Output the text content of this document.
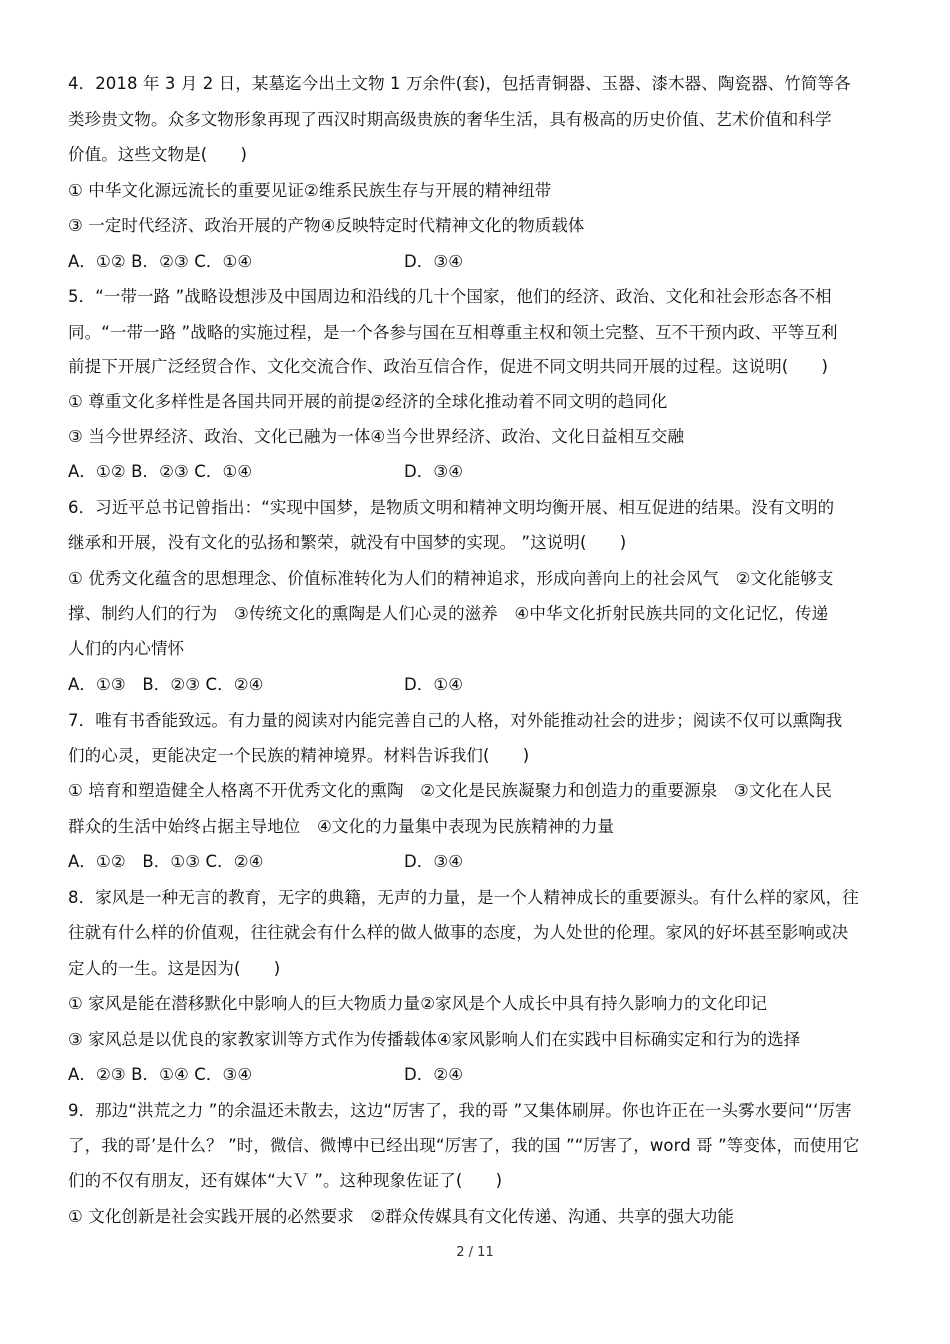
4．2018 年 3 月 2 日，某墓迄今出土文物 1 万余件(套)，包括青铜器、玉器、漆木器、陶瓷器、竹简等各
类珍贵文物。众多文物形象再现了西汉时期高级贵族的奢华生活，具有极高的历史价值、艺术价值和科学
价值。这些文物是(　　)
① 中华文化源远流长的重要见证②维系民族生存与开展的精神纽带
③ 一定时代经济、政治开展的产物④反映特定时代精神文化的物质载体
A．①② B．②③ C．①④	D．③④
5．“一带一路 ”战略设想涉及中国周边和沿线的几十个国家，他们的经济、政治、文化和社会形态各不相
同。“一带一路 ”战略的实施过程，是一个各参与国在互相尊重主权和领土完整、互不干预内政、平等互利
前提下开展广泛经贸合作、文化交流合作、政治互信合作，促进不同文明共同开展的过程。这说明(　　)
① 尊重文化多样性是各国共同开展的前提②经济的全球化推动着不同文明的趋同化
③ 当今世界经济、政治、文化已融为一体④当今世界经济、政治、文化日益相互交融
A．①② B．②③ C．①④	D．③④
6．习近平总书记曾指出：“实现中国梦，是物质文明和精神文明均衡开展、相互促进的结果。没有文明的
继承和开展，没有文化的弘扬和繁荣，就没有中国梦的实现。 ”这说明(　　)
① 优秀文化蕴含的思想理念、价值标准转化为人们的精神追求，形成向善向上的社会风气　②文化能够支
撑、制约人们的行为　③传统文化的熏陶是人们心灵的滋养　④中华文化折射民族共同的文化记忆，传递
人们的内心情怀
A．①③　B．②③ C．②④	D．①④
7．唯有书香能致远。有力量的阅读对内能完善自己的人格，对外能推动社会的进步；阅读不仅可以熏陶我
们的心灵，更能决定一个民族的精神境界。材料告诉我们(　　)
① 培育和塑造健全人格离不开优秀文化的熏陶　②文化是民族凝聚力和创造力的重要源泉　③文化在人民
群众的生活中始终占据主导地位　④文化的力量集中表现为民族精神的力量
A．①②　B．①③ C．②④	D．③④
8．家风是一种无言的教育，无字的典籍，无声的力量，是一个人精神成长的重要源头。有什么样的家风，往
往就有什么样的价值观，往往就会有什么样的做人做事的态度，为人处世的伦理。家风的好坏甚至影响或决
定人的一生。这是因为(　　)
① 家风是能在潜移默化中影响人的巨大物质力量②家风是个人成长中具有持久影响力的文化印记
③ 家风总是以优良的家教家训等方式作为传播载体④家风影响人们在实践中目标确实定和行为的选择
A．②③ B．①④ C．③④	D．②④
9．那边“洪荒之力 ”的余温还未散去，这边“厉害了，我的哥 ”又集体刷屏。你也许正在一头雾水要问“‘厉害
了，我的哥’是什么？ ”时，微信、微博中已经出现“厉害了，我的国 ”“厉害了，word 哥 ”等变体，而使用它
们的不仅有朋友，还有媒体“大Ｖ ”。这种现象佐证了(　　)
① 文化创新是社会实践开展的必然要求　②群众传媒具有文化传递、沟通、共享的强大功能
2 / 11
